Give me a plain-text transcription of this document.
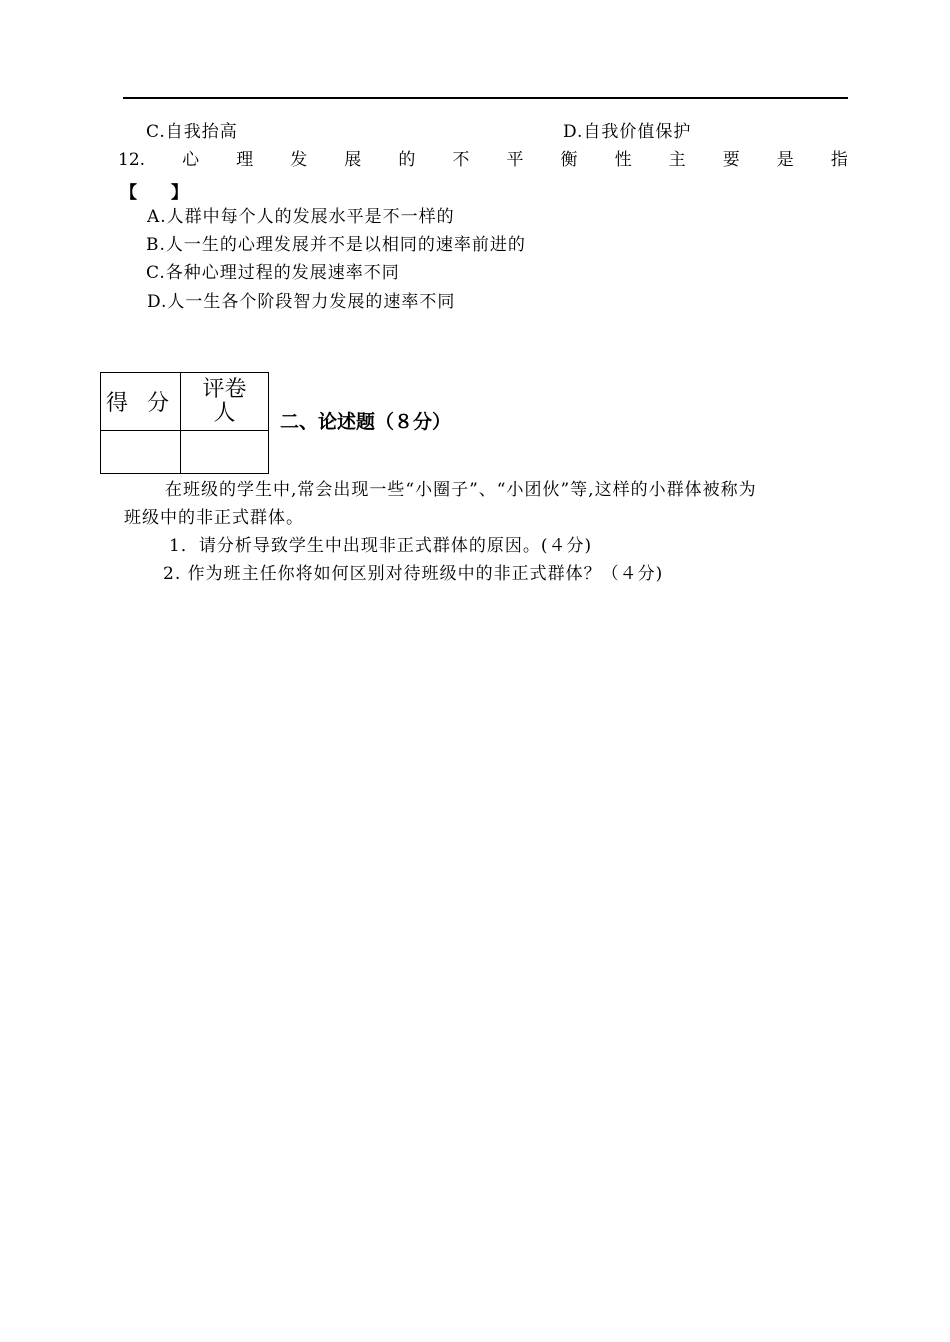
C.自我抬高	D.自我价值保护
12. 心 理 发 展 的 不 平 衡 性 主 要 是 指
【　　】
A.人群中每个人的发展水平是不一样的
B.人一生的心理发展并不是以相同的速率前进的
C.各种心理过程的发展速率不同
D.人一生各个阶段智力发展的速率不同
得 分	评卷
人

		二、论述题（８分）
在班级的学生中,常会出现一些“小圈子”、“小团伙”等,这样的小群体被称为
班级中的非正式群体。
1．请分析导致学生中出现非正式群体的原因。(４分)
2. 作为班主任你将如何区别对待班级中的非正式群体？（４分)
